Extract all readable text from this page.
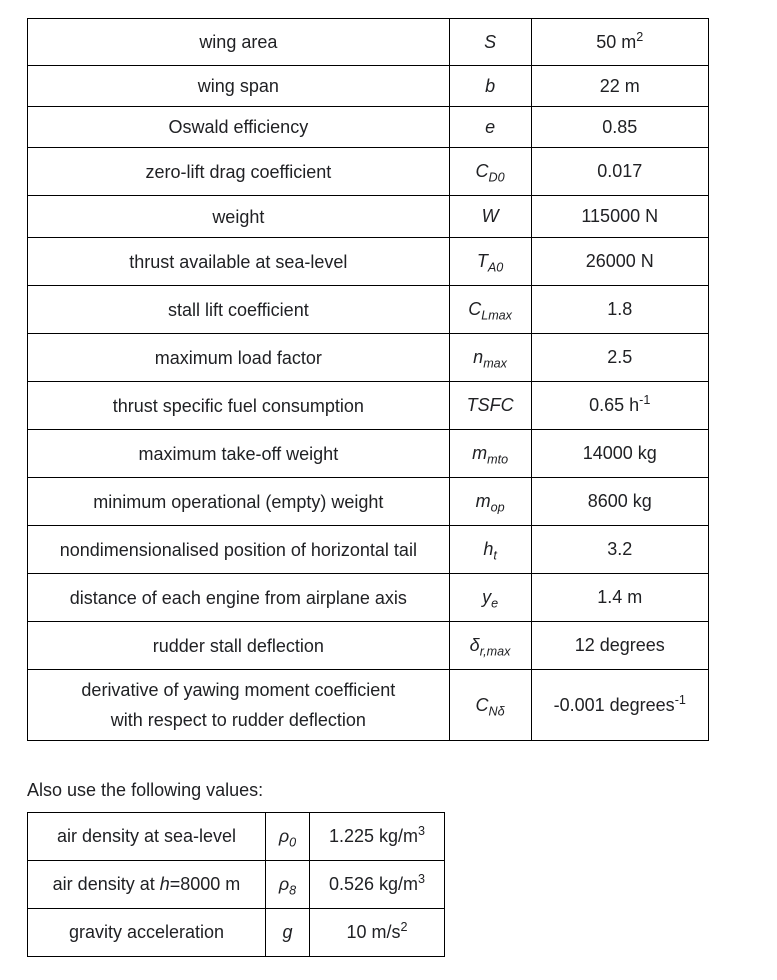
wing area	S	50 $m^2$

wing span	b	22 m

Oswald efficiency	e	0.85

zero-lift drag coefficient	$C_{D0}$	0.017

weight	W	115000 N

thrust available at sea-level	$T_{A0}$	26000 N

stall lift coefficient	$C_{Lmax}$	1.8

maximum load factor	$n_{max}$	2.5

thrust specific fuel consumption	TSFC	0.65 $h^{-1}$

maximum take-off weight	$m_{mto}$	14000 kg

minimum operational (empty) weight	$m_{op}$	8600 kg

nondimensionalised position of horizontal tail	$h_t$	3.2

distance of each engine from airplane axis	$y_e$	1.4 m

rudder stall deflection	$\delta_{r,max}$	12 degrees

derivative of yawing moment coefficient
with respect to rudder deflection	$C_{N\delta}$	-0.001 degrees$^{-1}$

Also use the following values:

air density at sea-level	$\rho_0$	1.225 $kg/m^3$
air density at h=8000 m	$\rho_8$	0.526 $kg/m^3$
gravity acceleration	g	10 $m/s^2$
